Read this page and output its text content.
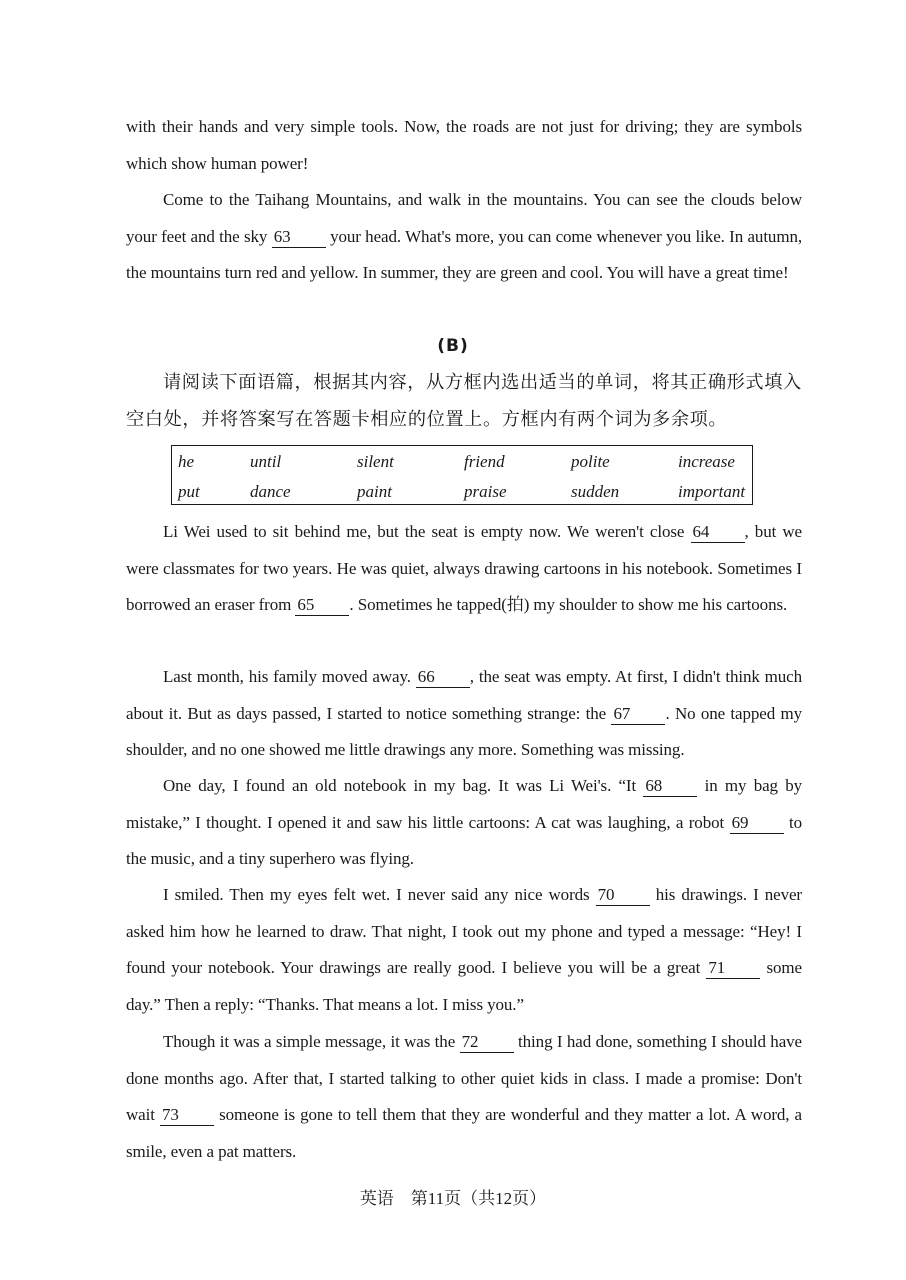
with their hands and very simple tools. Now, the roads are not just for driving; they are symbols which show human power!
Come to the Taihang Mountains, and walk in the mountains. You can see the clouds below your feet and the sky 63 your head. What's more, you can come whenever you like. In autumn, the mountains turn red and yellow. In summer, they are green and cool. You will have a great time!
(B)
请阅读下面语篇，根据其内容，从方框内选出适当的单词，将其正确形式填入空白处，并将答案写在答题卡相应的位置上。方框内有两个词为多余项。
he	until	silent	friend	polite	increase
put	dance	paint	praise	sudden	important
Li Wei used to sit behind me, but the seat is empty now. We weren't close 64 , but we were classmates for two years. He was quiet, always drawing cartoons in his notebook. Sometimes I borrowed an eraser from 65 . Sometimes he tapped(拍) my shoulder to show me his cartoons.
Last month, his family moved away. 66 , the seat was empty. At first, I didn't think much about it. But as days passed, I started to notice something strange: the 67 . No one tapped my shoulder, and no one showed me little drawings any more. Something was missing.
One day, I found an old notebook in my bag. It was Li Wei's. “It 68 in my bag by mistake,” I thought. I opened it and saw his little cartoons: A cat was laughing, a robot 69 to the music, and a tiny superhero was flying.
I smiled. Then my eyes felt wet. I never said any nice words 70 his drawings. I never asked him how he learned to draw. That night, I took out my phone and typed a message: “Hey! I found your notebook. Your drawings are really good. I believe you will be a great 71 some day.” Then a reply: “Thanks. That means a lot. I miss you.”
Though it was a simple message, it was the 72 thing I had done, something I should have done months ago. After that, I started talking to other quiet kids in class. I made a promise: Don't wait 73 someone is gone to tell them that they are wonderful and they matter a lot. A word, a smile, even a pat matters.
英语　第11页（共12页）
